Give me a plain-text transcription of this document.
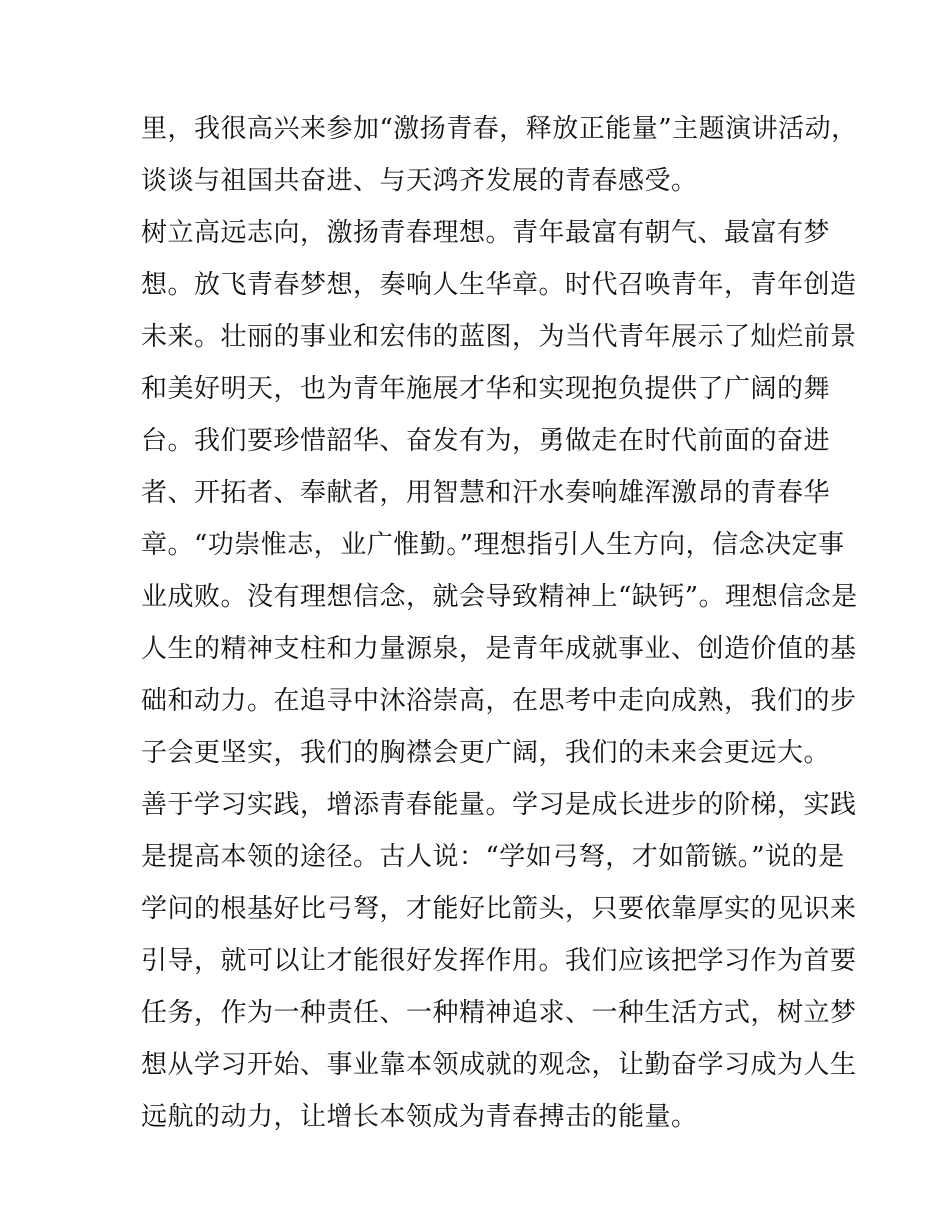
里，我很高兴来参加“激扬青春，释放正能量”主题演讲活动，
谈谈与祖国共奋进、与天鸿齐发展的青春感受。
树立高远志向，激扬青春理想。青年最富有朝气、最富有梦
想。放飞青春梦想，奏响人生华章。时代召唤青年，青年创造
未来。壮丽的事业和宏伟的蓝图，为当代青年展示了灿烂前景
和美好明天，也为青年施展才华和实现抱负提供了广阔的舞
台。我们要珍惜韶华、奋发有为，勇做走在时代前面的奋进
者、开拓者、奉献者，用智慧和汗水奏响雄浑激昂的青春华
章。“功崇惟志，业广惟勤。”理想指引人生方向，信念决定事
业成败。没有理想信念，就会导致精神上“缺钙”。理想信念是
人生的精神支柱和力量源泉，是青年成就事业、创造价值的基
础和动力。在追寻中沐浴崇高，在思考中走向成熟，我们的步
子会更坚实，我们的胸襟会更广阔，我们的未来会更远大。
善于学习实践，增添青春能量。学习是成长进步的阶梯，实践
是提高本领的途径。古人说：“学如弓弩，才如箭镞。”说的是
学问的根基好比弓弩，才能好比箭头，只要依靠厚实的见识来
引导，就可以让才能很好发挥作用。我们应该把学习作为首要
任务，作为一种责任、一种精神追求、一种生活方式，树立梦
想从学习开始、事业靠本领成就的观念，让勤奋学习成为人生
远航的动力，让增长本领成为青春搏击的能量。
